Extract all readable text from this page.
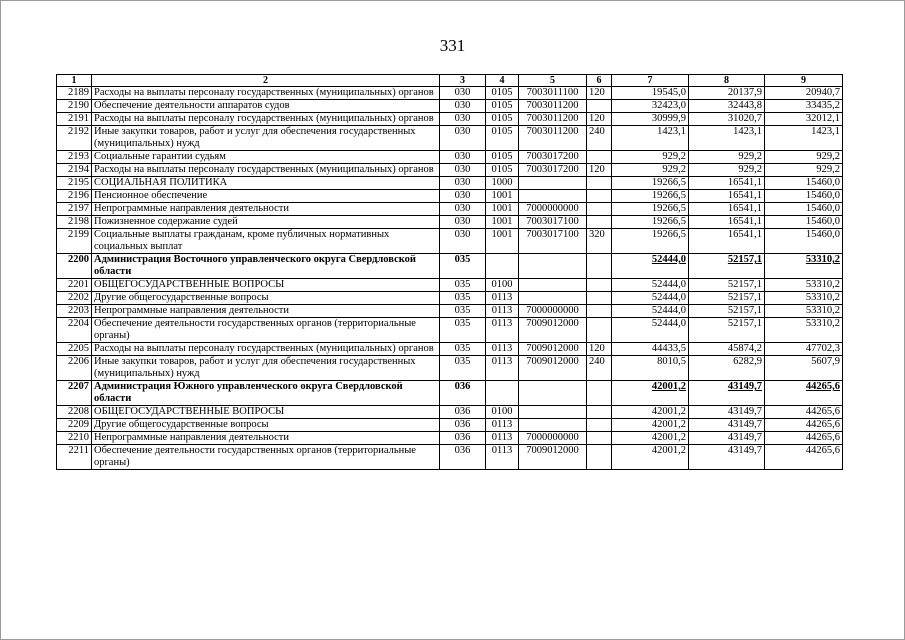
331
1	2	3	4	5	6	7	8	9
2189	Расходы на выплаты персоналу государственных (муниципальных) органов	030	0105	7003011100	120	19545,0	20137,9	20940,7
2190	Обеспечение деятельности аппаратов судов	030	0105	7003011200		32423,0	32443,8	33435,2
2191	Расходы на выплаты персоналу государственных (муниципальных) органов	030	0105	7003011200	120	30999,9	31020,7	32012,1
2192	Иные закупки товаров, работ и услуг для обеспечения государственных (муниципальных) нужд	030	0105	7003011200	240	1423,1	1423,1	1423,1
2193	Социальные гарантии судьям	030	0105	7003017200		929,2	929,2	929,2
2194	Расходы на выплаты персоналу государственных (муниципальных) органов	030	0105	7003017200	120	929,2	929,2	929,2
2195	СОЦИАЛЬНАЯ ПОЛИТИКА	030	1000			19266,5	16541,1	15460,0
2196	Пенсионное обеспечение	030	1001			19266,5	16541,1	15460,0
2197	Непрограммные направления деятельности	030	1001	7000000000		19266,5	16541,1	15460,0
2198	Пожизненное содержание судей	030	1001	7003017100		19266,5	16541,1	15460,0
2199	Социальные выплаты гражданам, кроме публичных нормативных социальных выплат	030	1001	7003017100	320	19266,5	16541,1	15460,0
2200	Администрация Восточного управленческого округа Свердловской области	035				52444,0	52157,1	53310,2
2201	ОБЩЕГОСУДАРСТВЕННЫЕ ВОПРОСЫ	035	0100			52444,0	52157,1	53310,2
2202	Другие общегосударственные вопросы	035	0113			52444,0	52157,1	53310,2
2203	Непрограммные направления деятельности	035	0113	7000000000		52444,0	52157,1	53310,2
2204	Обеспечение деятельности государственных органов (территориальные органы)	035	0113	7009012000		52444,0	52157,1	53310,2
2205	Расходы на выплаты персоналу государственных (муниципальных) органов	035	0113	7009012000	120	44433,5	45874,2	47702,3
2206	Иные закупки товаров, работ и услуг для обеспечения государственных (муниципальных) нужд	035	0113	7009012000	240	8010,5	6282,9	5607,9
2207	Администрация Южного управленческого округа Свердловской области	036				42001,2	43149,7	44265,6
2208	ОБЩЕГОСУДАРСТВЕННЫЕ ВОПРОСЫ	036	0100			42001,2	43149,7	44265,6
2209	Другие общегосударственные вопросы	036	0113			42001,2	43149,7	44265,6
2210	Непрограммные направления деятельности	036	0113	7000000000		42001,2	43149,7	44265,6
2211	Обеспечение деятельности государственных органов (территориальные органы)	036	0113	7009012000		42001,2	43149,7	44265,6
